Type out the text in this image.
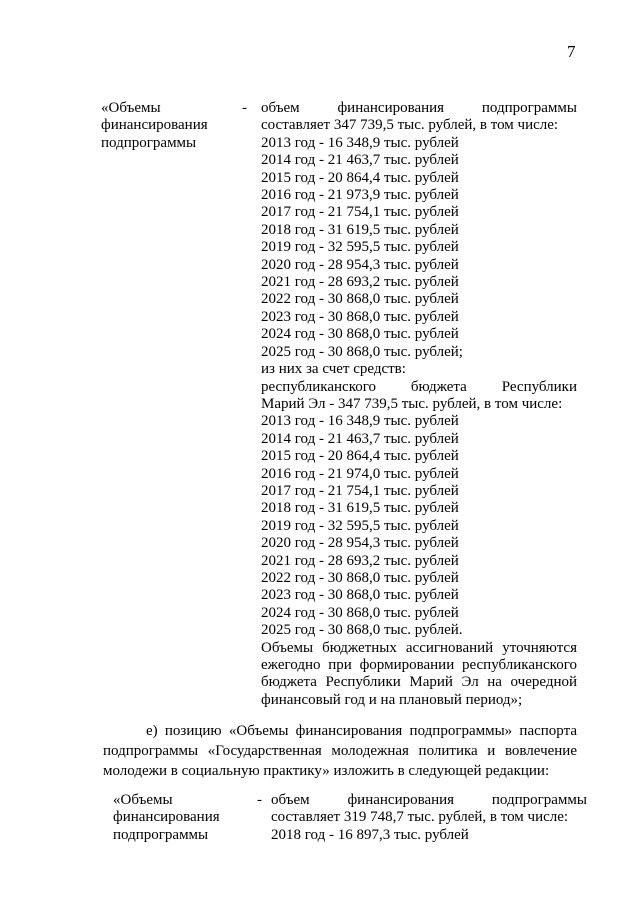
7
«Объемы
финансирования
подпрограммы
- объем финансирования подпрограммы
составляет 347 739,5 тыс. рублей, в том числе:
2013 год - 16 348,9 тыс. рублей
2014 год - 21 463,7 тыс. рублей
2015 год - 20 864,4 тыс. рублей
2016 год - 21 973,9 тыс. рублей
2017 год - 21 754,1 тыс. рублей
2018 год - 31 619,5 тыс. рублей
2019 год - 32 595,5 тыс. рублей
2020 год - 28 954,3 тыс. рублей
2021 год - 28 693,2 тыс. рублей
2022 год - 30 868,0 тыс. рублей
2023 год - 30 868,0 тыс. рублей
2024 год - 30 868,0 тыс. рублей
2025 год - 30 868,0 тыс. рублей;
из них за счет средств:
республиканского бюджета Республики
Марий Эл - 347 739,5 тыс. рублей, в том числе:
2013 год - 16 348,9 тыс. рублей
2014 год - 21 463,7 тыс. рублей
2015 год - 20 864,4 тыс. рублей
2016 год - 21 974,0 тыс. рублей
2017 год - 21 754,1 тыс. рублей
2018 год - 31 619,5 тыс. рублей
2019 год - 32 595,5 тыс. рублей
2020 год - 28 954,3 тыс. рублей
2021 год - 28 693,2 тыс. рублей
2022 год - 30 868,0 тыс. рублей
2023 год - 30 868,0 тыс. рублей
2024 год - 30 868,0 тыс. рублей
2025 год - 30 868,0 тыс. рублей.
Объемы бюджетных ассигнований уточняются
ежегодно при формировании республиканского
бюджета Республики Марий Эл на очередной
финансовый год и на плановый период»;
е) позицию «Объемы финансирования подпрограммы» паспорта
подпрограммы «Государственная молодежная политика и вовлечение
молодежи в социальную практику» изложить в следующей редакции:
«Объемы
финансирования
подпрограммы
- объем финансирования подпрограммы
составляет 319 748,7 тыс. рублей, в том числе:
2018 год - 16 897,3 тыс. рублей
